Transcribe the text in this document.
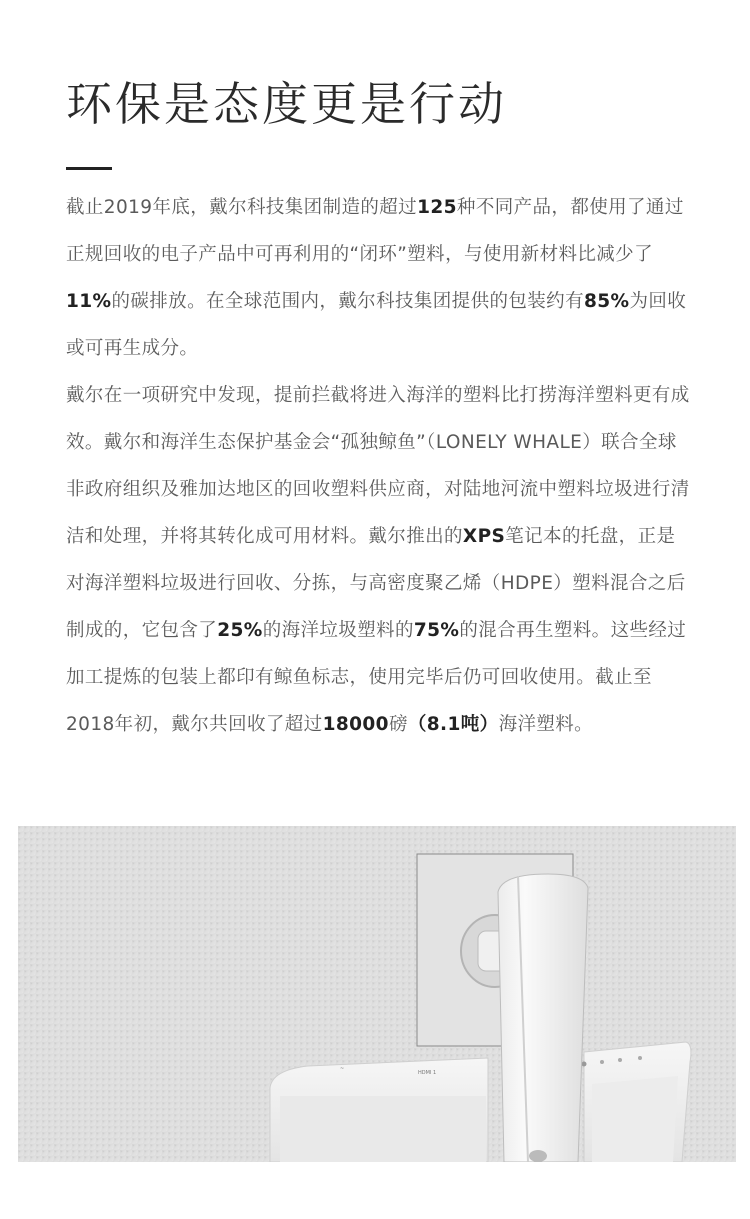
环保是态度更是行动

截止2019年底，戴尔科技集团制造的超过125种不同产品，都使用了通过正规回收的电子产品中可再利用的“闭环”塑料，与使用新材料比减少了11%的碳排放。在全球范围内，戴尔科技集团提供的包装约有85%为回收或可再生成分。

戴尔在一项研究中发现，提前拦截将进入海洋的塑料比打捞海洋塑料更有成效。戴尔和海洋生态保护基金会“孤独鲸鱼”（LONELY WHALE）联合全球非政府组织及雅加达地区的回收塑料供应商，对陆地河流中塑料垃圾进行清洁和处理，并将其转化成可用材料。戴尔推出的XPS笔记本的托盘，正是对海洋塑料垃圾进行回收、分拣，与高密度聚乙烯（HDPE）塑料混合之后制成的，它包含了25%的海洋垃圾塑料的75%的混合再生塑料。这些经过加工提炼的包装上都印有鲸鱼标志，使用完毕后仍可回收使用。截止至2018年初，戴尔共回收了超过18000磅（8.1吨）海洋塑料。

~
HDMI 1
